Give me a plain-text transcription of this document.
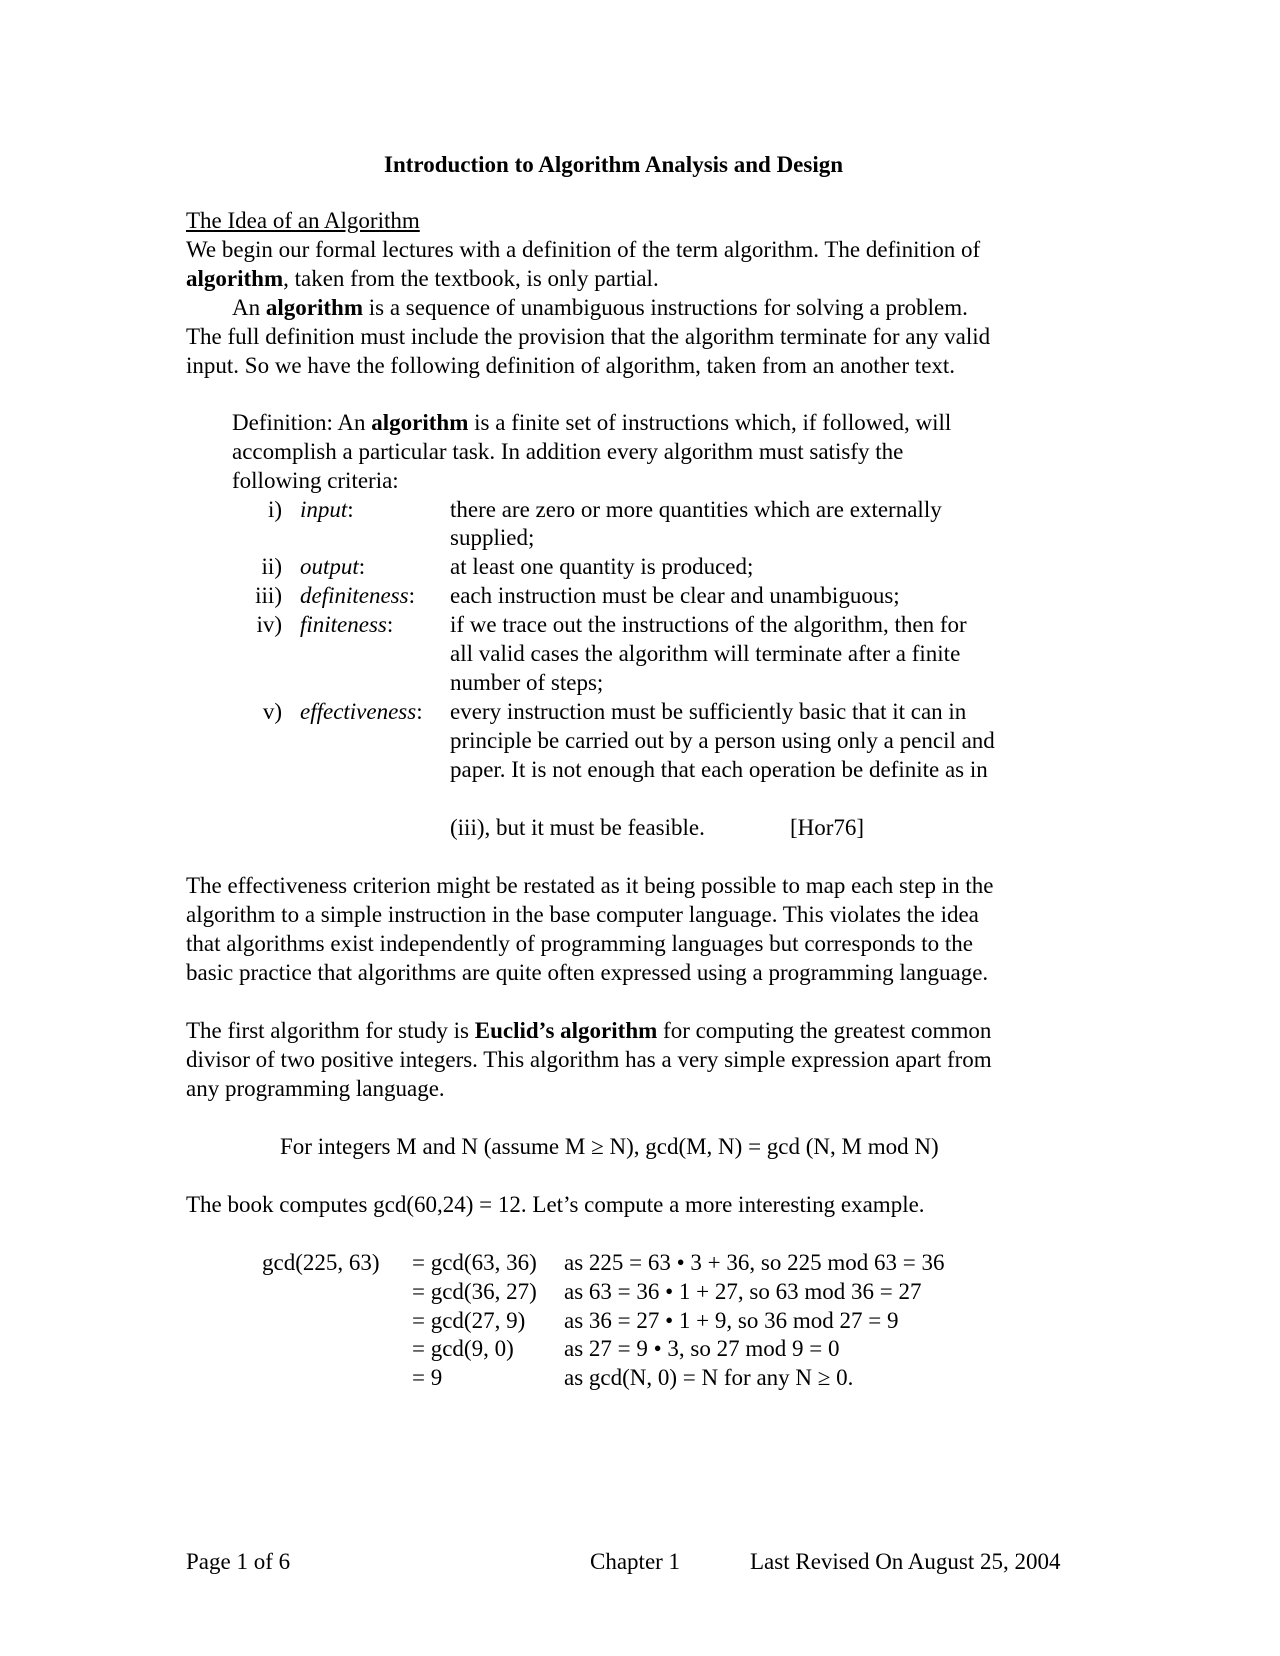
Introduction to Algorithm Analysis and Design
The Idea of an Algorithm
We begin our formal lectures with a definition of the term algorithm. The definition of
algorithm, taken from the textbook, is only partial.
An algorithm is a sequence of unambiguous instructions for solving a problem.
The full definition must include the provision that the algorithm terminate for any valid
input. So we have the following definition of algorithm, taken from an another text.
Definition: An algorithm is a finite set of instructions which, if followed, will
accomplish a particular task. In addition every algorithm must satisfy the
following criteria:
i) input:	there are zero or more quantities which are externally
supplied;
ii) output:	at least one quantity is produced;
iii) definiteness: each instruction must be clear and unambiguous;
iv) finiteness: if we trace out the instructions of the algorithm, then for
all valid cases the algorithm will terminate after a finite
number of steps;
v) effectiveness: every instruction must be sufficiently basic that it can in
principle be carried out by a person using only a pencil and
paper. It is not enough that each operation be definite as in
(iii), but it must be feasible.	[Hor76]
The effectiveness criterion might be restated as it being possible to map each step in the
algorithm to a simple instruction in the base computer language. This violates the idea
that algorithms exist independently of programming languages but corresponds to the
basic practice that algorithms are quite often expressed using a programming language.
The first algorithm for study is Euclid’s algorithm for computing the greatest common
divisor of two positive integers. This algorithm has a very simple expression apart from
any programming language.
For integers M and N (assume M ≥ N), gcd(M, N) = gcd (N, M mod N)
The book computes gcd(60,24) = 12. Let’s compute a more interesting example.
gcd(225, 63) = gcd(63, 36) as 225 = 63 • 3 + 36, so 225 mod 63 = 36
= gcd(36, 27) as 63 = 36 • 1 + 27, so 63 mod 36 = 27
= gcd(27, 9) as 36 = 27 • 1 + 9, so 36 mod 27 = 9
= gcd(9, 0) as 27 = 9 • 3, so 27 mod 9 = 0
= 9	as gcd(N, 0) = N for any N ≥ 0.
Page 1 of 6	Chapter 1	Last Revised On August 25, 2004
